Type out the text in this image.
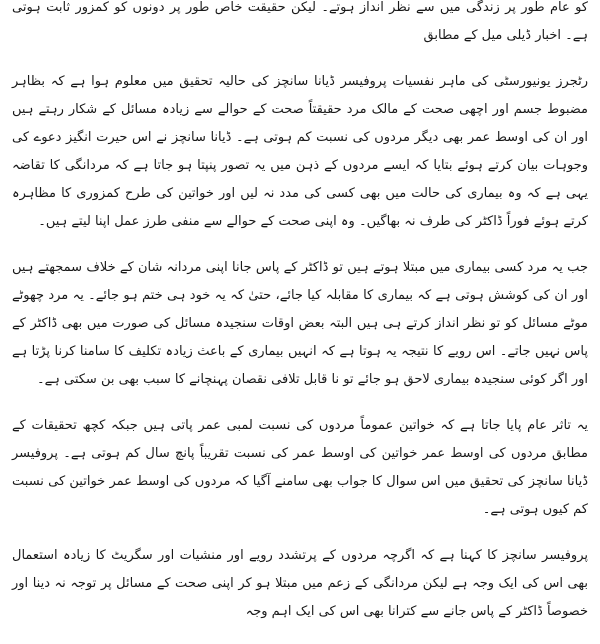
کو عام طور پر زندگی میں سے نظر انداز ہوتے۔ لیکن حقیقت خاص طور پر دونوں کو کمزور ثابت ہوتی ہے۔ اخبار ڈیلی میل کے مطابق

رٹجرز یونیورسٹی کی ماہر نفسیات پروفیسر ڈیانا سانچز کی حالیہ تحقیق میں معلوم ہوا ہے کہ بظاہر مضبوط جسم اور اچھی صحت کے مالک مرد حقیقتاً صحت کے حوالے سے زیادہ مسائل کے شکار رہتے ہیں اور ان کی اوسط عمر بھی دیگر مردوں کی نسبت کم ہوتی ہے۔ ڈیانا سانچز نے اس حیرت انگیز دعوے کی وجوہات بیان کرتے ہوئے بتایا کہ ایسے مردوں کے ذہن میں یہ تصور پنپتا ہو جاتا ہے کہ مردانگی کا تقاضہ یہی ہے کہ وہ بیماری کی حالت میں بھی کسی کی مدد نہ لیں اور خواتین کی طرح کمزوری کا مظاہرہ کرتے ہوئے فوراً ڈاکٹر کی طرف نہ بھاگیں۔ وہ اپنی صحت کے حوالے سے منفی طرز عمل اپنا لیتے ہیں۔

جب یہ مرد کسی بیماری میں مبتلا ہوتے ہیں تو ڈاکٹر کے پاس جانا اپنی مردانہ شان کے خلاف سمجھتے ہیں اور ان کی کوشش ہوتی ہے کہ بیماری کا مقابلہ کیا جائے، حتیٰ کہ یہ خود ہی ختم ہو جائے۔ یہ مرد چھوٹے موٹے مسائل کو تو نظر انداز کرتے ہی ہیں البتہ بعض اوقات سنجیدہ مسائل کی صورت میں بھی ڈاکٹر کے پاس نہیں جاتے۔ اس رویے کا نتیجہ یہ ہوتا ہے کہ انہیں بیماری کے باعث زیادہ تکلیف کا سامنا کرنا پڑتا ہے اور اگر کوئی سنجیدہ بیماری لاحق ہو جائے تو نا قابل تلافی نقصان پہنچانے کا سبب بھی بن سکتی ہے۔

یہ تاثر عام پایا جاتا ہے کہ خواتین عموماً مردوں کی نسبت لمبی عمر پاتی ہیں جبکہ کچھ تحقیقات کے مطابق مردوں کی اوسط عمر خواتین کی اوسط عمر کی نسبت تقریباً پانچ سال کم ہوتی ہے۔ پروفیسر ڈیانا سانچز کی تحقیق میں اس سوال کا جواب بھی سامنے آگیا کہ مردوں کی اوسط عمر خواتین کی نسبت کم کیوں ہوتی ہے۔

پروفیسر سانچز کا کہنا ہے کہ اگرچہ مردوں کے پرتشدد رویے اور منشیات اور سگریٹ کا زیادہ استعمال بھی اس کی ایک وجہ ہے لیکن مردانگی کے زعم میں مبتلا ہو کر اپنی صحت کے مسائل پر توجہ نہ دینا اور خصوصاً ڈاکٹر کے پاس جانے سے کترانا بھی اس کی ایک اہم وجہ
